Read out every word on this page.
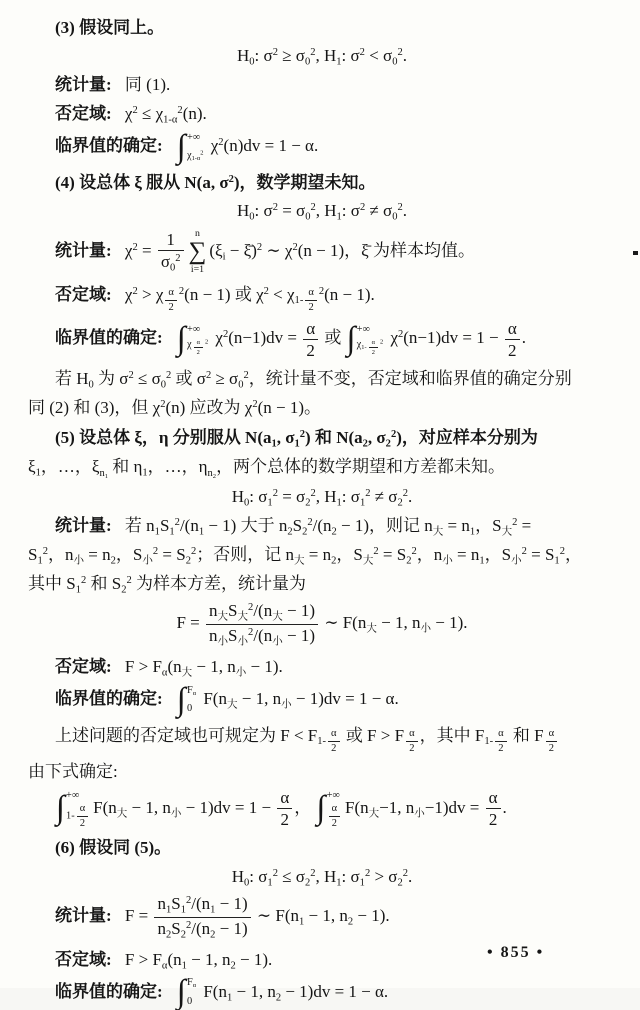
(3) 假设同上。
$H_0$: $\sigma^2 \ge \sigma_0^2$, $H_1$: $\sigma^2 < \sigma_0^2$.
统计量: 同 (1).
否定域: $\chi^2 \le \chi_{1-\alpha}^2(n)$.
临界值的确定: ∫ +∞
$\chi_{1-\alpha}^2$ $\chi^2(n)dv = 1 - \alpha$.
(4) 设总体 ξ 服从 N(a, $\sigma^2$)，数学期望未知。
$H_0$: $\sigma^2 = \sigma_0^2$, $H_1$: $\sigma^2 \ne \sigma_0^2$.
统计量: $\chi^2 = \frac{1}{\sigma_0^2}$ n
∑
i=1
($\xi_i$ − ξ̄)$^2$ ∼ $\chi^2(n - 1)$，ξ̄ 为样本均值。
否定域: $\chi^2 > \chi$ $_{\frac{\alpha}{2}}$ $^2$(n − 1) 或 $\chi^2 < \chi_{1- \frac{\alpha}{2}}$ $^2$(n − 1).
临界值的确定: ∫ +∞
χ $_{\frac{\alpha}{2}}$ $^2$ $\chi^2(n-1)dv = \frac{\alpha}{2}$ 或 ∫ +∞
$\chi_{1- \frac{\alpha}{2}}$ $^2$ $\chi^2(n-1)dv = 1 - \frac{\alpha}{2}$ .
若 $H_0$ 为 $\sigma^2 \le \sigma_0^2$ 或 $\sigma^2 \ge \sigma_0^2$，统计量不变，否定域和临界值的确定分别
同 (2) 和 (3)，但 $\chi^2(n)$ 应改为 $\chi^2(n - 1)$。
(5) 设总体 ξ，η 分别服从 $N(a_1$, $\sigma_1^2$) 和 $N(a_2$, $\sigma_2^2$)，对应样本分别为
$\xi_1$，…，$\xi_{n_1}$ 和 $\eta_1$，…，$\eta_{n_2}$，两个总体的数学期望和方差都未知。
$H_0$: $\sigma_1^2 = \sigma_2^2$, $H_1$: $\sigma_1^2 \ne \sigma_2^2$.
统计量: 若 $n_1S_1^2/(n_1 - 1)$ 大于 $n_2S_2^2/(n_2 - 1)$，则记 $n_大 = n_1$，$S_大^2$ =
$S_1^2$，$n_小 = n_2$，$S_小^2 = S_2^2$；否则，记 $n_大 = n_2$，$S_大^2 = S_2^2$，$n_小 = n_1$，$S_小^2 = S_1^2$，
其中 $S_1^2$ 和 $S_2^2$ 为样本方差，统计量为
$F = \frac{n_大S_大^2/(n_大 - 1)}{n_小S_小^2/(n_小 - 1)}$ ∼ $F(n_大 - 1$, $n_小 - 1$).
否定域: $F > F_\alpha(n_大 - 1$, $n_小 - 1$).
临界值的确定: ∫ $F_\alpha$
0
$F(n_大 - 1$, $n_小 - 1)dv = 1 - \alpha$.
上述问题的否定域也可规定为 $F < F_{1- \frac{\alpha}{2}}$ 或 F > F $_{\frac{\alpha}{2}}$ ，其中 $F_{1- \frac{\alpha}{2}}$ 和 F $_{\frac{\alpha}{2}}$
由下式确定:
∫ +∞
$1- \frac{\alpha}{2} F(n_大 - 1$, $n_小 - 1)dv = 1 - \frac{\alpha}{2}$ ， ∫ +∞
$\frac{\alpha}{2} F(n_大-1$, $n_小-1)dv = \frac{\alpha}{2}$ .
(6) 假设同 (5)。
$H_0$: $\sigma_1^2 \le \sigma_2^2$, $H_1$: $\sigma_1^2 > \sigma_2^2$.
统计量: $F = \frac{n_1S_1^2/(n_1 - 1)}{n_2S_2^2/(n_2 - 1)}$ ∼ $F(n_1 - 1$, $n_2 - 1$).
否定域: $F > F_\alpha(n_1 - 1$, $n_2 - 1$).
临界值的确定: ∫ $F_\alpha$
0
$F(n_1 - 1$, $n_2 - 1)dv = 1 - \alpha$.
• 855 •
